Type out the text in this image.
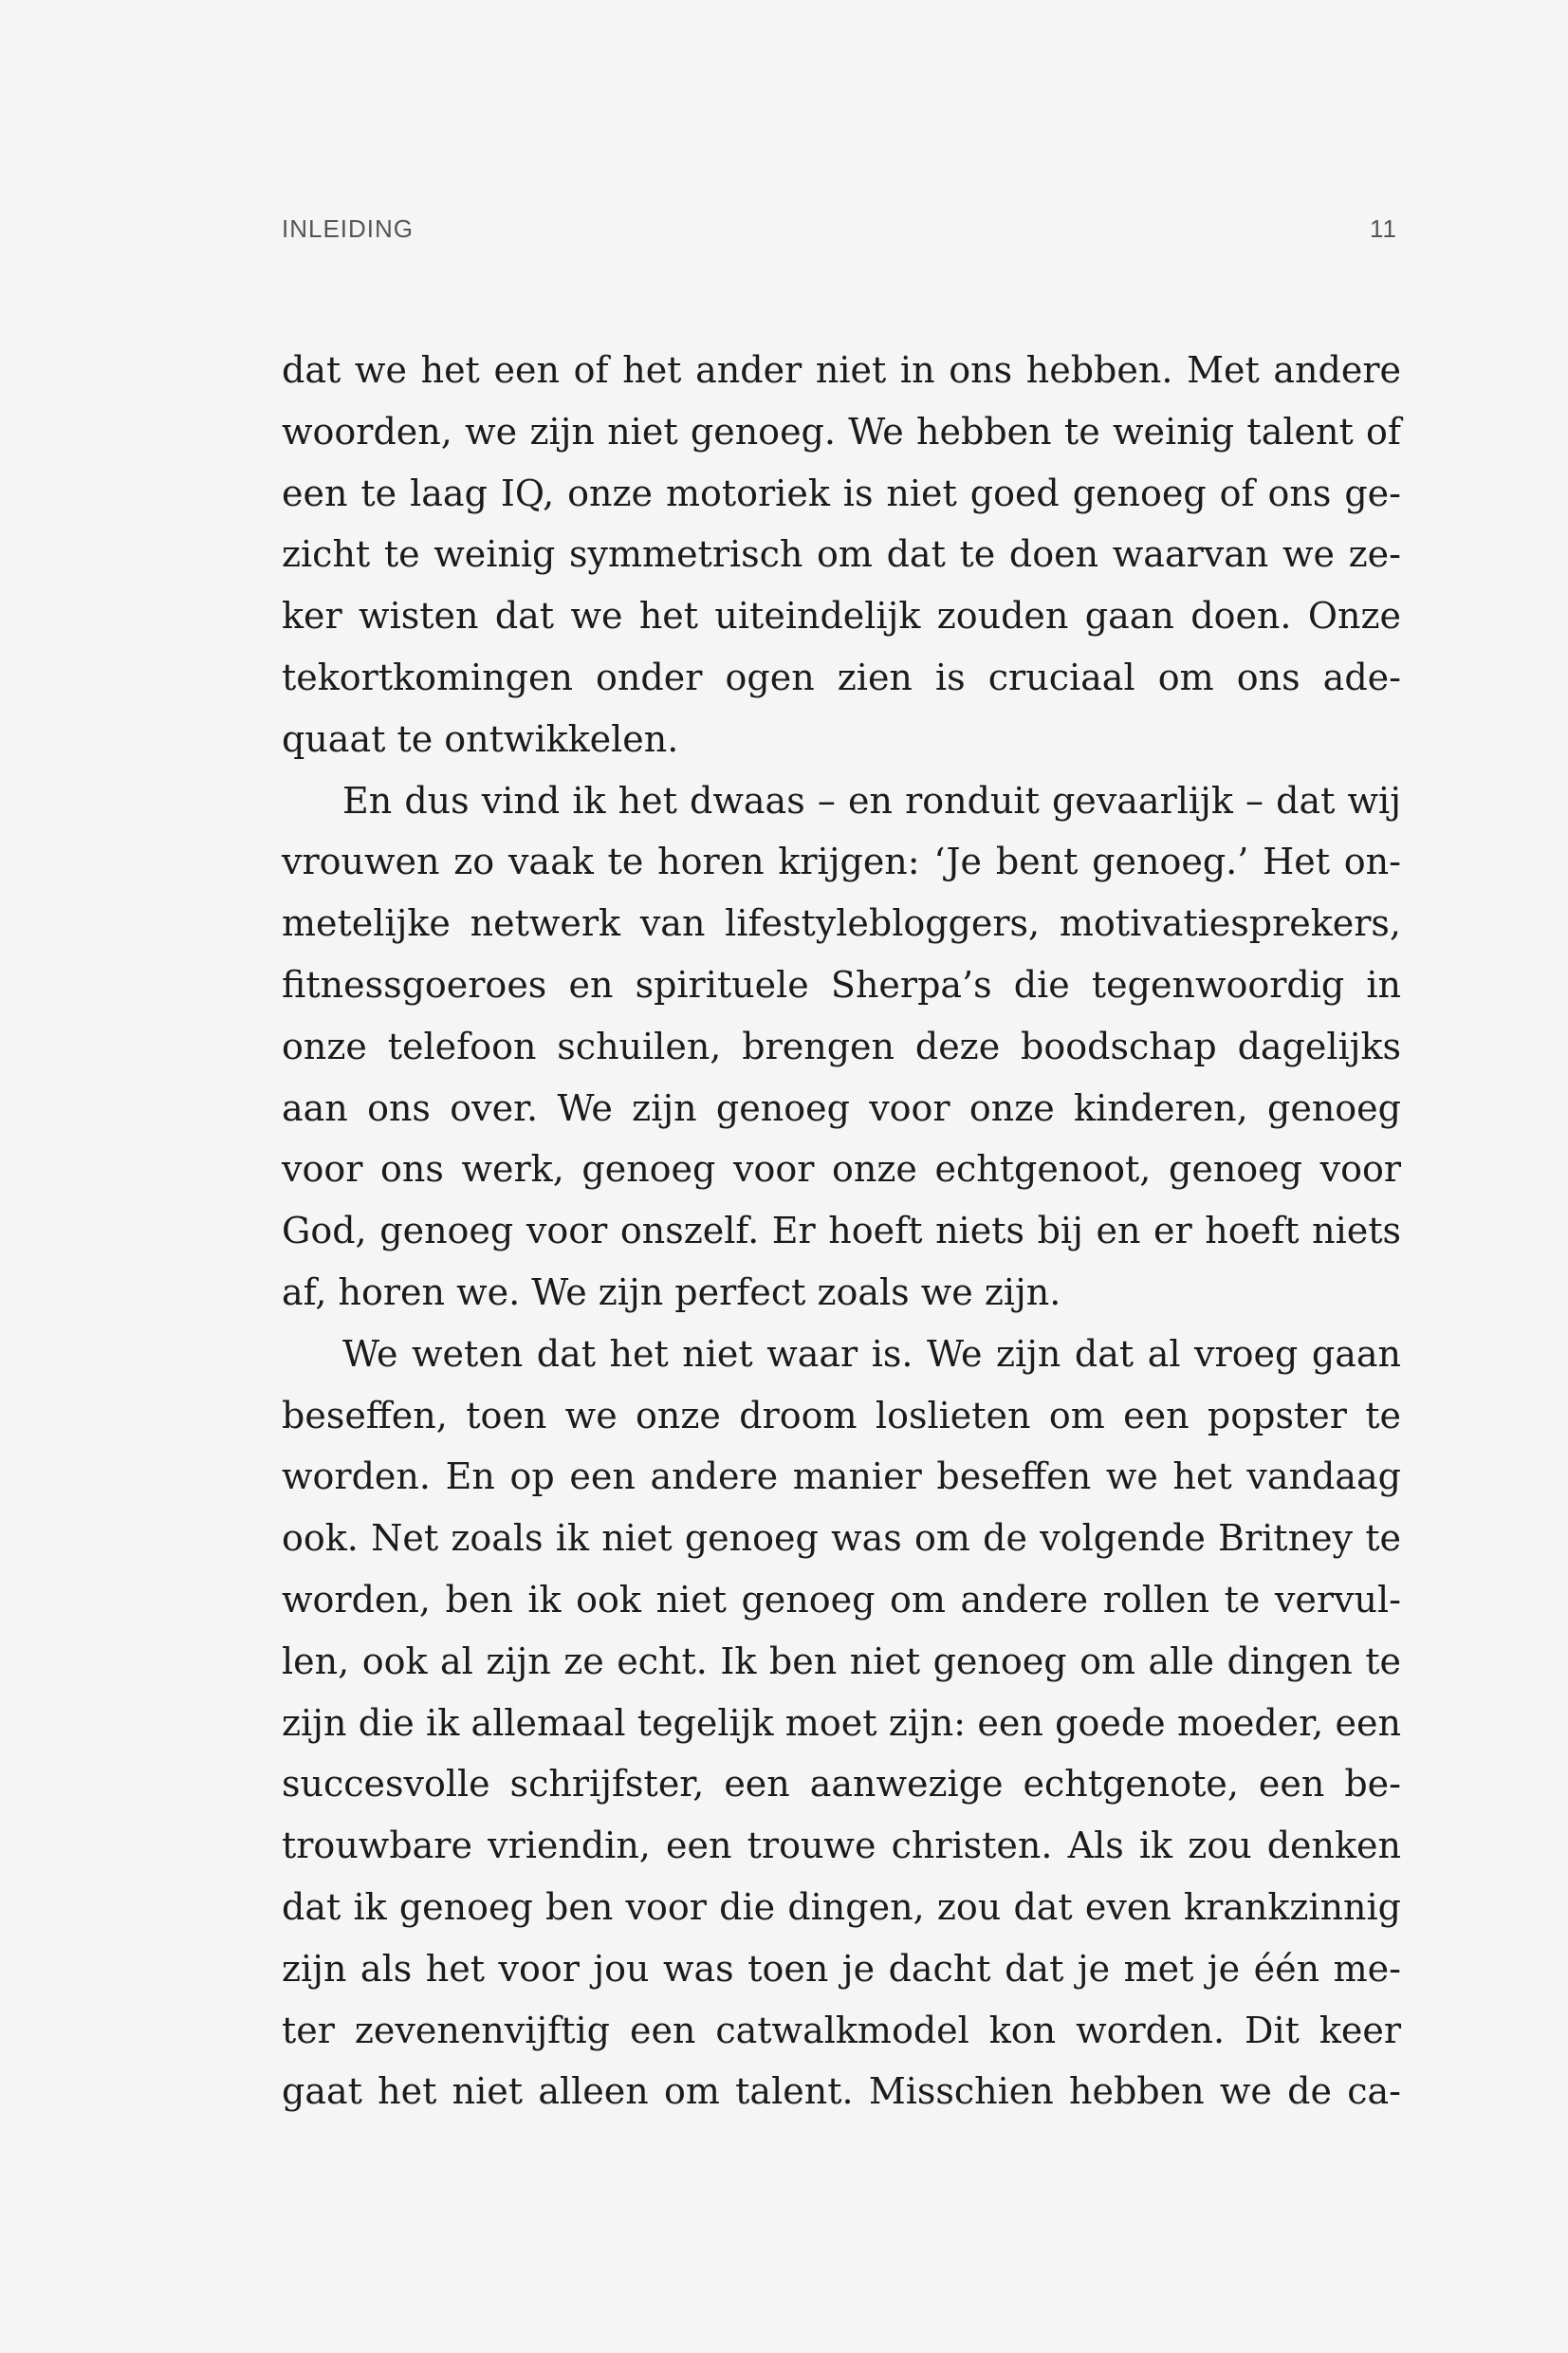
INLEIDING	11
dat we het een of het ander niet in ons hebben. Met andere
woorden, we zijn niet genoeg. We hebben te weinig talent of
een te laag IQ, onze motoriek is niet goed genoeg of ons ge-
zicht te weinig symmetrisch om dat te doen waarvan we ze-
ker wisten dat we het uiteindelijk zouden gaan doen. Onze
tekortkomingen onder ogen zien is cruciaal om ons ade-
quaat te ontwikkelen.
En dus vind ik het dwaas – en ronduit gevaarlijk – dat wij
vrouwen zo vaak te horen krijgen: ‘Je bent genoeg.’ Het on-
metelijke netwerk van lifestylebloggers, motivatiesprekers,
fitnessgoeroes en spirituele Sherpa’s die tegenwoordig in
onze telefoon schuilen, brengen deze boodschap dagelijks
aan ons over. We zijn genoeg voor onze kinderen, genoeg
voor ons werk, genoeg voor onze echtgenoot, genoeg voor
God, genoeg voor onszelf. Er hoeft niets bij en er hoeft niets
af, horen we. We zijn perfect zoals we zijn.
We weten dat het niet waar is. We zijn dat al vroeg gaan
beseffen, toen we onze droom loslieten om een popster te
worden. En op een andere manier beseffen we het vandaag
ook. Net zoals ik niet genoeg was om de volgende Britney te
worden, ben ik ook niet genoeg om andere rollen te vervul-
len, ook al zijn ze echt. Ik ben niet genoeg om alle dingen te
zijn die ik allemaal tegelijk moet zijn: een goede moeder, een
succesvolle schrijfster, een aanwezige echtgenote, een be-
trouwbare vriendin, een trouwe christen. Als ik zou denken
dat ik genoeg ben voor die dingen, zou dat even krankzinnig
zijn als het voor jou was toen je dacht dat je met je één me-
ter zevenenvijftig een catwalkmodel kon worden. Dit keer
gaat het niet alleen om talent. Misschien hebben we de ca-
